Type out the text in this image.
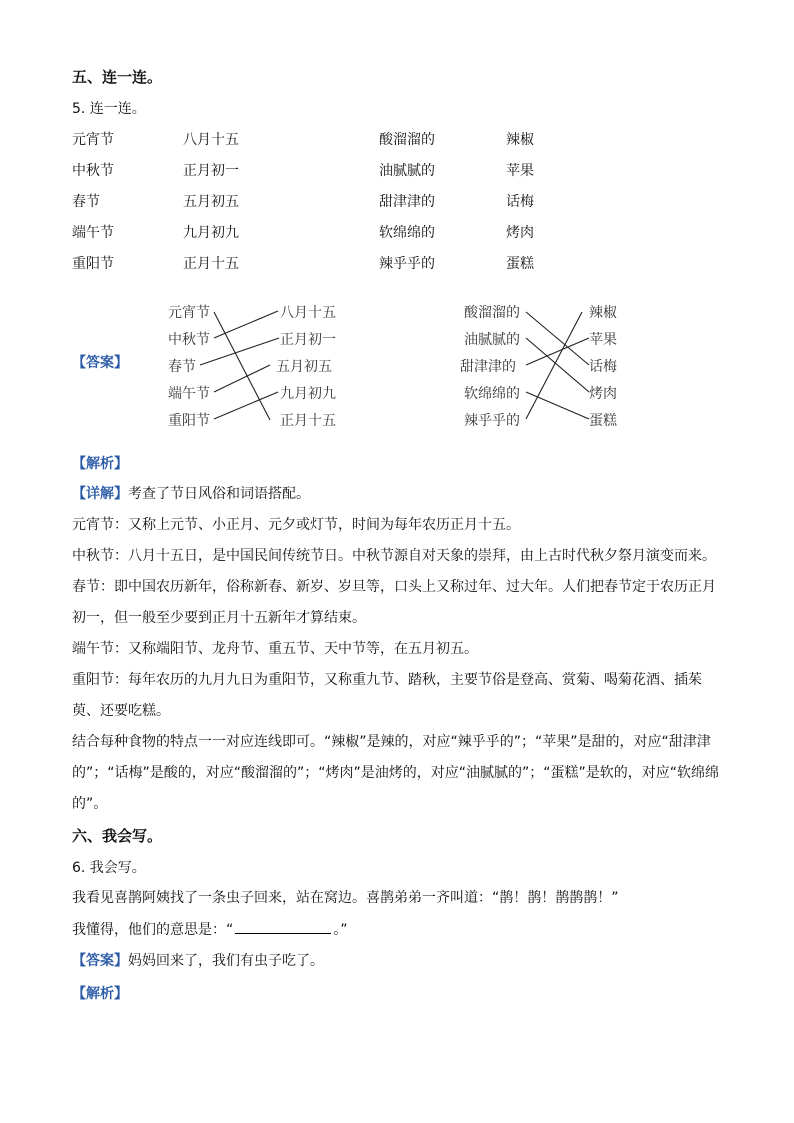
五、连一连。
5. 连一连。
元宵节
中秋节
春节
端午节
重阳节
八月十五
正月初一
五月初五
九月初九
正月十五
酸溜溜的
油腻腻的
甜津津的
软绵绵的
辣乎乎的
辣椒
苹果
话梅
烤肉
蛋糕
【答案】
元宵节
中秋节
春节
端午节
重阳节
八月十五
正月初一
五月初五
九月初九
正月十五
酸溜溜的
油腻腻的
甜津津的
软绵绵的
辣乎乎的
辣椒
苹果
话梅
烤肉
蛋糕
【解析】
【详解】考查了节日风俗和词语搭配。
元宵节：又称上元节、小正月、元夕或灯节，时间为每年农历正月十五。
中秋节：八月十五日，是中国民间传统节日。中秋节源自对天象的崇拜，由上古时代秋夕祭月演变而来。
春节：即中国农历新年，俗称新春、新岁、岁旦等，口头上又称过年、过大年。人们把春节定于农历正月初一，但一般至少要到正月十五新年才算结束。
端午节：又称端阳节、龙舟节、重五节、天中节等，在五月初五。
重阳节：每年农历的九月九日为重阳节，又称重九节、踏秋，主要节俗是登高、赏菊、喝菊花酒、插茱萸、还要吃糕。
结合每种食物的特点一一对应连线即可。“辣椒”是辣的，对应“辣乎乎的”；“苹果”是甜的，对应“甜津津的”；“话梅”是酸的，对应“酸溜溜的”；“烤肉”是油烤的，对应“油腻腻的”；“蛋糕”是软的，对应“软绵绵的”。
六、我会写。
6. 我会写。
我看见喜鹊阿姨找了一条虫子回来，站在窝边。喜鹊弟弟一齐叫道：“鹊！鹊！鹊鹊鹊！”
我懂得，他们的意思是：“	。”
【答案】妈妈回来了，我们有虫子吃了。
【解析】
